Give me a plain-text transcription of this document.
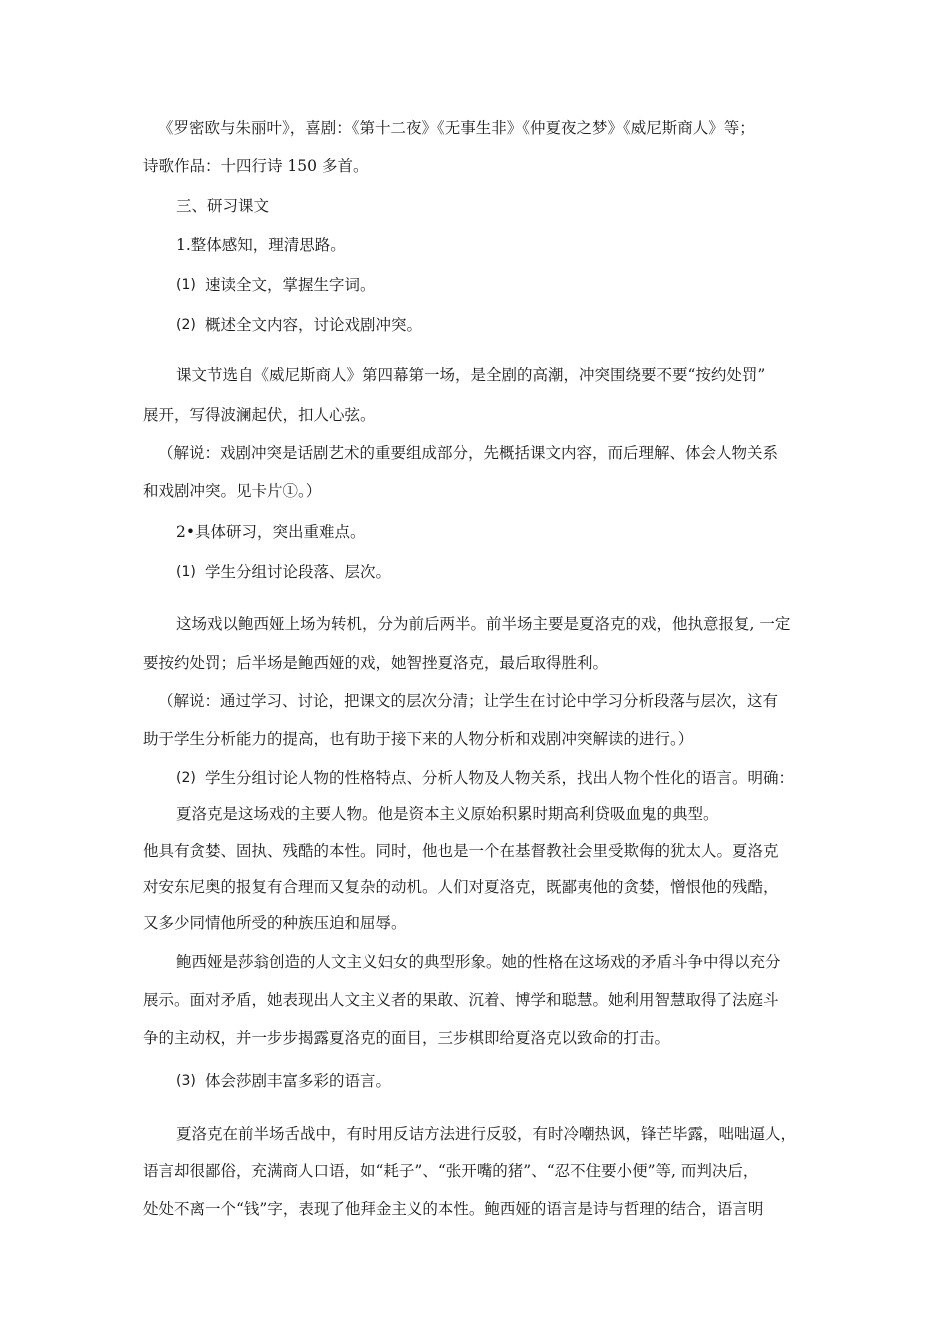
《罗密欧与朱丽叶》，喜剧：《第十二夜》《无事生非》《仲夏夜之梦》《威尼斯商人》等；

诗歌作品：十四行诗 150 多首。

三、研习课文

1.整体感知，理清思路。

(1) 速读全文，掌握生字词。

(2) 概述全文内容，讨论戏剧冲突。

课文节选自《威尼斯商人》第四幕第一场，是全剧的高潮，冲突围绕要不要“按约处罚”

展开，写得波澜起伏，扣人心弦。

（解说：戏剧冲突是话剧艺术的重要组成部分，先概括课文内容，而后理解、体会人物关系

和戏剧冲突。见卡片①。）

2•具体研习，突出重难点。

(1) 学生分组讨论段落、层次。

这场戏以鲍西娅上场为转机，分为前后两半。前半场主要是夏洛克的戏，他执意报复, 一定

要按约处罚；后半场是鲍西娅的戏，她智挫夏洛克，最后取得胜利。

（解说：通过学习、讨论，把课文的层次分清；让学生在讨论中学习分析段落与层次，这有

助于学生分析能力的提高，也有助于接下来的人物分析和戏剧冲突解读的进行。）

(2) 学生分组讨论人物的性格特点、分析人物及人物关系，找出人物个性化的语言。明确：

夏洛克是这场戏的主要人物。他是资本主义原始积累时期高利贷吸血鬼的典型。

他具有贪婪、固执、残酷的本性。同时，他也是一个在基督教社会里受欺侮的犹太人。夏洛克

对安东尼奥的报复有合理而又复杂的动机。人们对夏洛克，既鄙夷他的贪婪，憎恨他的残酷，

又多少同情他所受的种族压迫和屈辱。

鲍西娅是莎翁创造的人文主义妇女的典型形象。她的性格在这场戏的矛盾斗争中得以充分

展示。面对矛盾，她表现出人文主义者的果敢、沉着、博学和聪慧。她利用智慧取得了法庭斗

争的主动权，并一步步揭露夏洛克的面目，三步棋即给夏洛克以致命的打击。

(3) 体会莎剧丰富多彩的语言。

夏洛克在前半场舌战中，有时用反诘方法进行反驳，有时冷嘲热讽，锋芒毕露，咄咄逼人，

语言却很鄙俗，充满商人口语，如“耗子”、“张开嘴的猪”、“忍不住要小便”等, 而判决后，

处处不离一个“钱”字，表现了他拜金主义的本性。鲍西娅的语言是诗与哲理的结合，语言明
